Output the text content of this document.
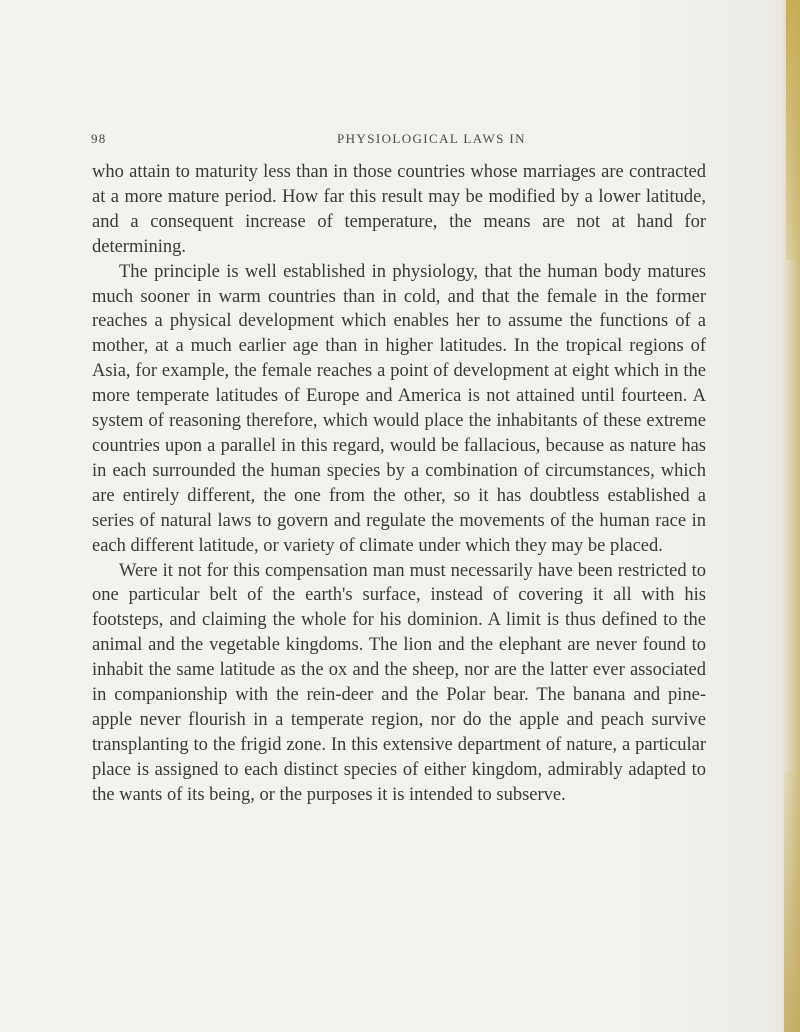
98	PHYSIOLOGICAL LAWS IN

who attain to maturity less than in those countries whose marriages are contracted at a more mature period. How far this result may be modified by a lower latitude, and a consequent increase of temperature, the means are not at hand for determining.

The principle is well established in physiology, that the human body matures much sooner in warm countries than in cold, and that the female in the former reaches a physical development which enables her to assume the functions of a mother, at a much earlier age than in higher latitudes. In the tropical regions of Asia, for example, the female reaches a point of development at eight which in the more temperate latitudes of Europe and America is not attained until fourteen. A system of reasoning therefore, which would place the inhabitants of these extreme countries upon a parallel in this regard, would be fallacious, because as nature has in each surrounded the human species by a combination of circumstances, which are entirely different, the one from the other, so it has doubtless established a series of natural laws to govern and regulate the movements of the human race in each different latitude, or variety of climate under which they may be placed.

Were it not for this compensation man must necessarily have been restricted to one particular belt of the earth's surface, instead of covering it all with his footsteps, and claiming the whole for his dominion. A limit is thus defined to the animal and the vegetable kingdoms. The lion and the elephant are never found to inhabit the same latitude as the ox and the sheep, nor are the latter ever associated in companionship with the rein-deer and the Polar bear. The banana and pine-apple never flourish in a temperate region, nor do the apple and peach survive transplanting to the frigid zone. In this extensive department of nature, a particular place is assigned to each distinct species of either kingdom, admirably adapted to the wants of its being, or the purposes it is intended to subserve.
